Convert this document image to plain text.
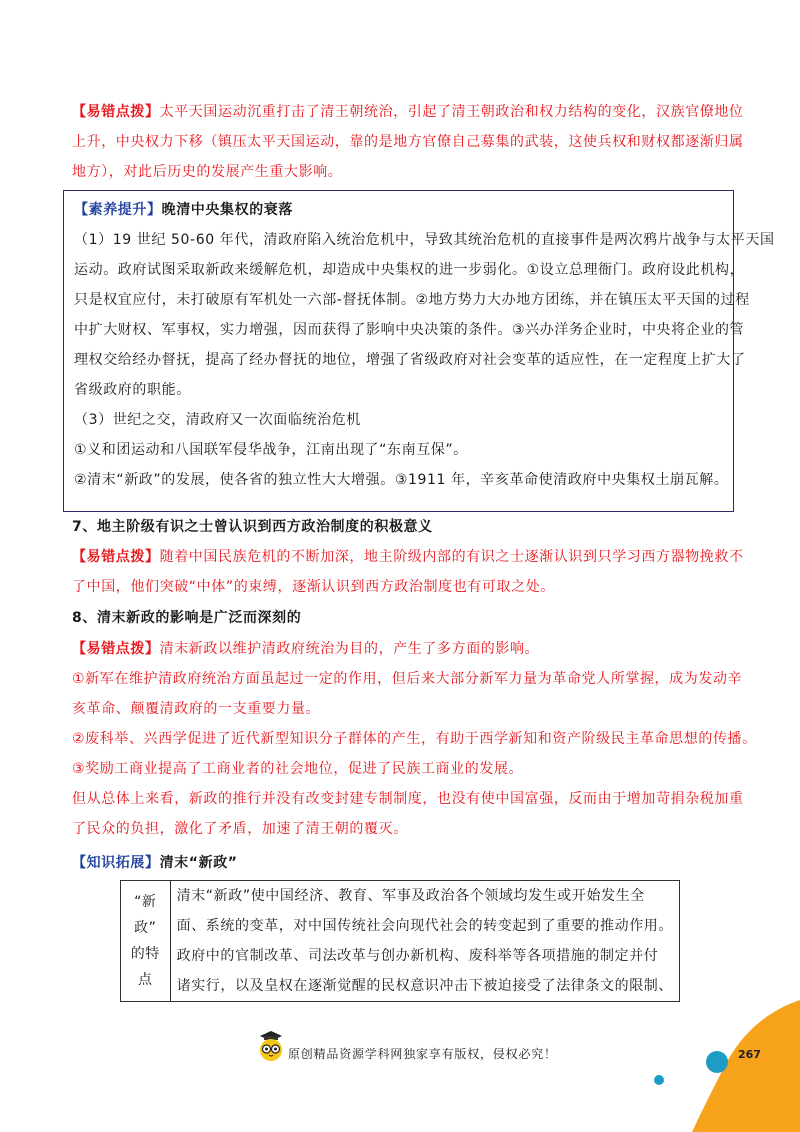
【易错点拨】太平天国运动沉重打击了清王朝统治，引起了清王朝政治和权力结构的变化，汉族官僚地位
上升，中央权力下移（镇压太平天国运动，靠的是地方官僚自己募集的武装，这使兵权和财权都逐渐归属
地方），对此后历史的发展产生重大影响。
【素养提升】晚清中央集权的衰落
（1）19 世纪 50-60 年代，清政府陷入统治危机中，导致其统治危机的直接事件是两次鸦片战争与太平天国
运动。政府试图采取新政来缓解危机，却造成中央集权的进一步弱化。①设立总理衙门。政府设此机构，
只是权宜应付，未打破原有军机处一六部-督抚体制。②地方势力大办地方团练，并在镇压太平天国的过程
中扩大财权、军事权，实力增强，因而获得了影响中央决策的条件。③兴办洋务企业时，中央将企业的管
理权交给经办督抚，提高了经办督抚的地位，增强了省级政府对社会变革的适应性，在一定程度上扩大了
省级政府的职能。
（3）世纪之交，清政府又一次面临统治危机
①义和团运动和八国联军侵华战争，江南出现了“东南互保”。
②清末“新政”的发展，使各省的独立性大大增强。③1911 年，辛亥革命使清政府中央集权土崩瓦解。
7、地主阶级有识之士曾认识到西方政治制度的积极意义
【易错点拨】随着中国民族危机的不断加深，地主阶级内部的有识之士逐渐认识到只学习西方器物挽救不
了中国，他们突破“中体”的束缚，逐渐认识到西方政治制度也有可取之处。
8、清末新政的影响是广泛而深刻的
【易错点拨】清末新政以维护清政府统治为目的，产生了多方面的影响。
①新军在维护清政府统治方面虽起过一定的作用，但后来大部分新军力量为革命党人所掌握，成为发动辛
亥革命、颠覆清政府的一支重要力量。
②废科举、兴西学促进了近代新型知识分子群体的产生，有助于西学新知和资产阶级民主革命思想的传播。
③奖励工商业提高了工商业者的社会地位，促进了民族工商业的发展。
但从总体上来看，新政的推行并没有改变封建专制制度，也没有使中国富强，反而由于增加苛捐杂税加重
了民众的负担，激化了矛盾，加速了清王朝的覆灭。
【知识拓展】清末“新政”
“新政”
的特点

清末“新政”使中国经济、教育、军事及政治各个领域均发生或开始发生全
面、系统的变革，对中国传统社会向现代社会的转变起到了重要的推动作用。
政府中的官制改革、司法改革与创办新机构、废科举等各项措施的制定并付
诸实行，以及皇权在逐渐觉醒的民权意识冲击下被迫接受了法律条文的限制、
原创精品资源学科网独家享有版权，侵权必究！	267
